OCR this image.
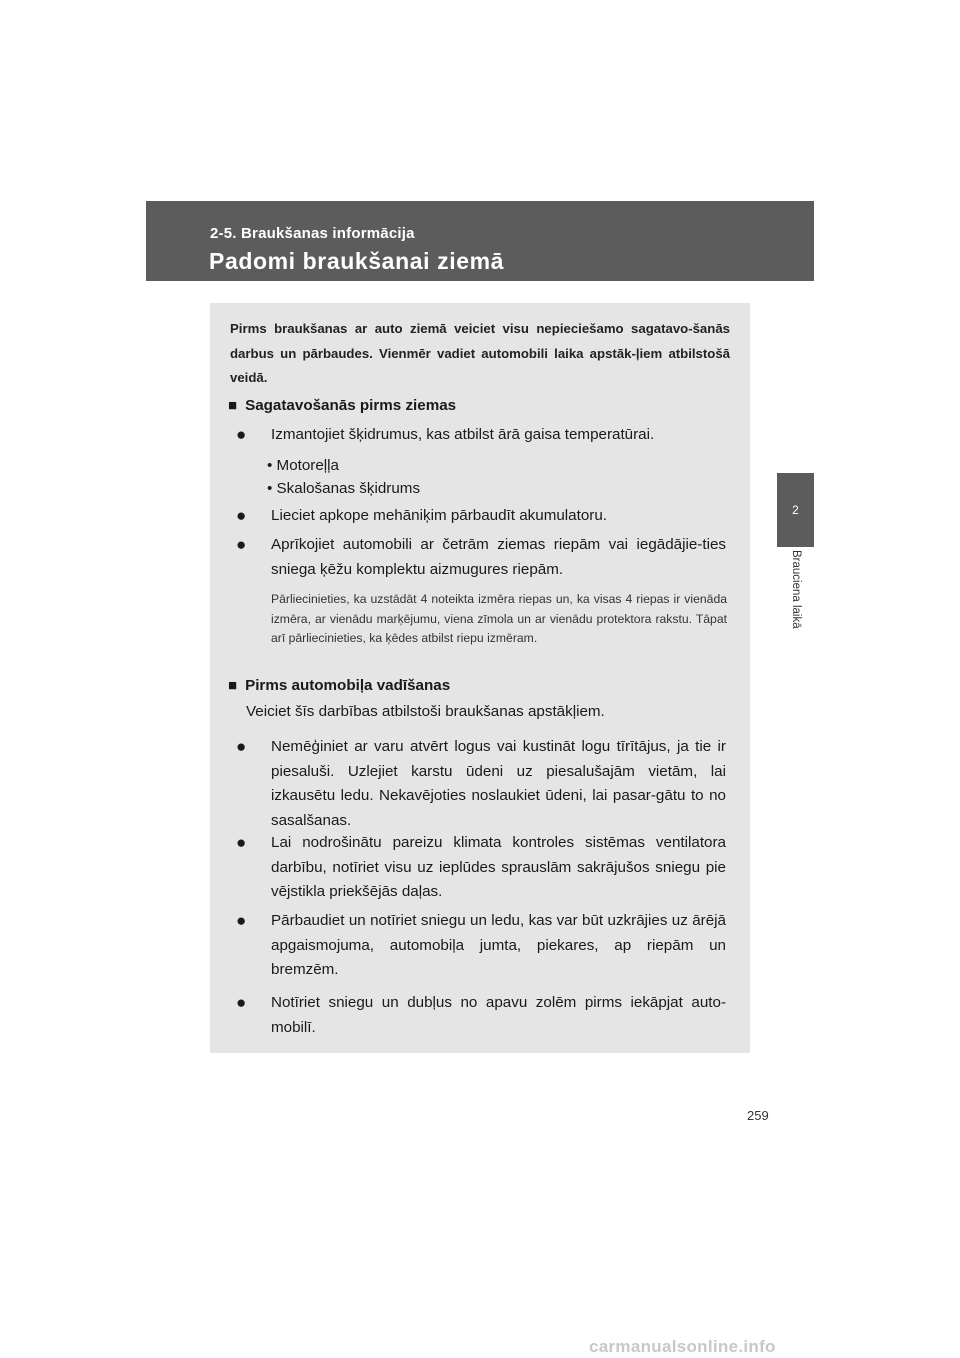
2-5. Braukšanas informācija
Padomi braukšanai ziemā
2
Brauciena laikā

Pirms braukšanas ar auto ziemā veiciet visu nepieciešamo sagatavo-šanās darbus un pārbaudes. Vienmēr vadiet automobili laika apstāk-ļiem atbilstošā veidā.

■ Sagatavošanās pirms ziemas
●	Izmantojiet šķidrumus, kas atbilst ārā gaisa temperatūrai.
• Motoreļļa
• Skalošanas šķidrums
●	Lieciet apkope mehāniķim pārbaudīt akumulatoru.
●	Aprīkojiet automobili ar četrām ziemas riepām vai iegādājie-ties sniega ķēžu komplektu aizmugures riepām.

Pārliecinieties, ka uzstādāt 4 noteikta izmēra riepas un, ka visas 4 riepas ir vienāda izmēra, ar vienādu marķējumu, viena zīmola un ar vienādu protektora rakstu. Tāpat arī pārliecinieties, ka ķēdes atbilst riepu izmēram.

■ Pirms automobiļa vadīšanas
Veiciet šīs darbības atbilstoši braukšanas apstākļiem.
●	Nemēģiniet ar varu atvērt logus vai kustināt logu tīrītājus, ja tie ir piesaluši. Uzlejiet karstu ūdeni uz piesalušajām vietām, lai izkausētu ledu. Nekavējoties noslaukiet ūdeni, lai pasar-gātu to no sasalšanas.
●	Lai nodrošinātu pareizu klimata kontroles sistēmas ventilatora darbību, notīriet visu uz ieplūdes sprauslām sakrājušos sniegu pie vējstikla priekšējās daļas.
●	Pārbaudiet un notīriet sniegu un ledu, kas var būt uzkrājies uz ārējā apgaismojuma, automobiļa jumta, piekares, ap riepām un bremzēm.
●	Notīriet sniegu un dubļus no apavu zolēm pirms iekāpjat auto-mobilī.
259
carmanualsonline.info
